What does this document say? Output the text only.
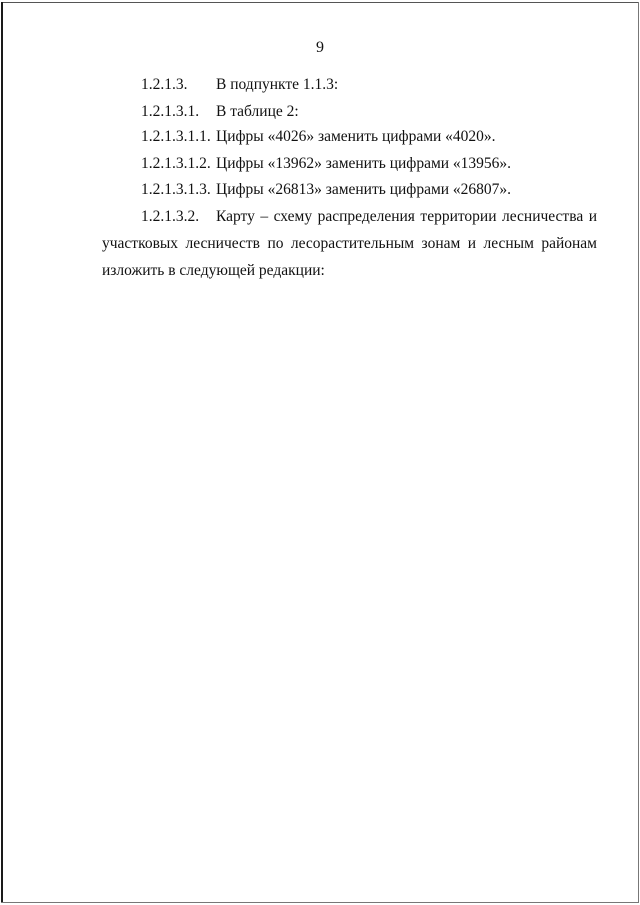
9
1.2.1.3. В подпункте 1.1.3:
1.2.1.3.1. В таблице 2:
1.2.1.3.1.1. Цифры «4026» заменить цифрами «4020».
1.2.1.3.1.2. Цифры «13962» заменить цифрами «13956».
1.2.1.3.1.3. Цифры «26813» заменить цифрами «26807».
1.2.1.3.2. Карту – схему распределения территории лесничества и
участковых лесничеств по лесорастительным зонам и лесным районам
изложить в следующей редакции:
